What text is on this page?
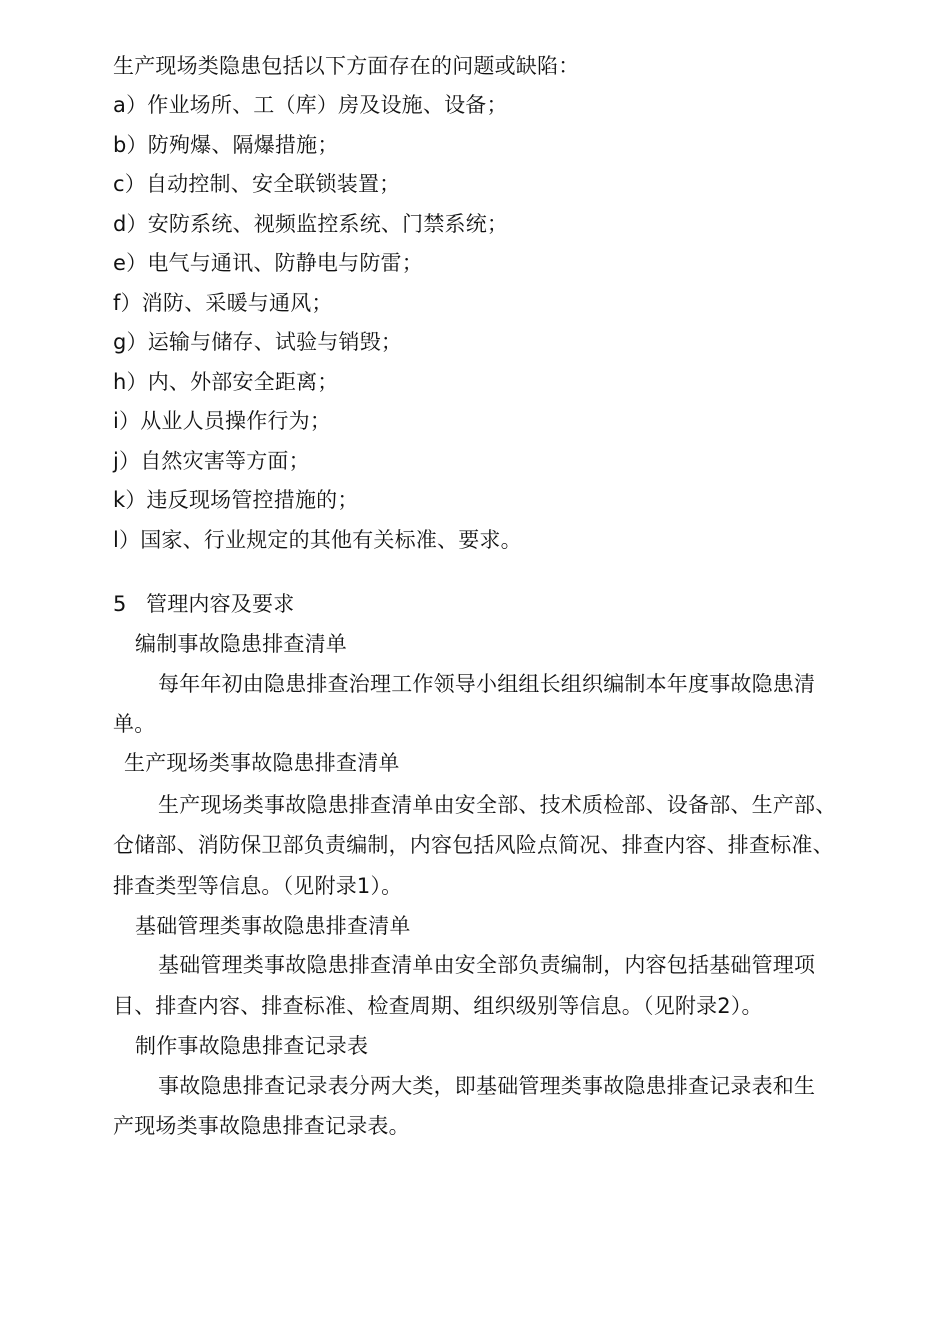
生产现场类隐患包括以下方面存在的问题或缺陷：
a）作业场所、工（库）房及设施、设备；
b）防殉爆、隔爆措施；
c）自动控制、安全联锁装置；
d）安防系统、视频监控系统、门禁系统；
e）电气与通讯、防静电与防雷；
f）消防、采暖与通风；
g）运输与储存、试验与销毁；
h）内、外部安全距离；
i）从业人员操作行为；
j）自然灾害等方面；
k）违反现场管控措施的；
l）国家、行业规定的其他有关标准、要求。
5 管理内容及要求
编制事故隐患排查清单
每年年初由隐患排查治理工作领导小组组长组织编制本年度事故隐患清
单。
生产现场类事故隐患排查清单
生产现场类事故隐患排查清单由安全部、技术质检部、设备部、生产部、
仓储部、消防保卫部负责编制，内容包括风险点简况、排查内容、排查标准、
排查类型等信息。（见附录1）。
基础管理类事故隐患排查清单
基础管理类事故隐患排查清单由安全部负责编制，内容包括基础管理项
目、排查内容、排查标准、检查周期、组织级别等信息。（见附录2）。
制作事故隐患排查记录表
事故隐患排查记录表分两大类，即基础管理类事故隐患排查记录表和生
产现场类事故隐患排查记录表。
